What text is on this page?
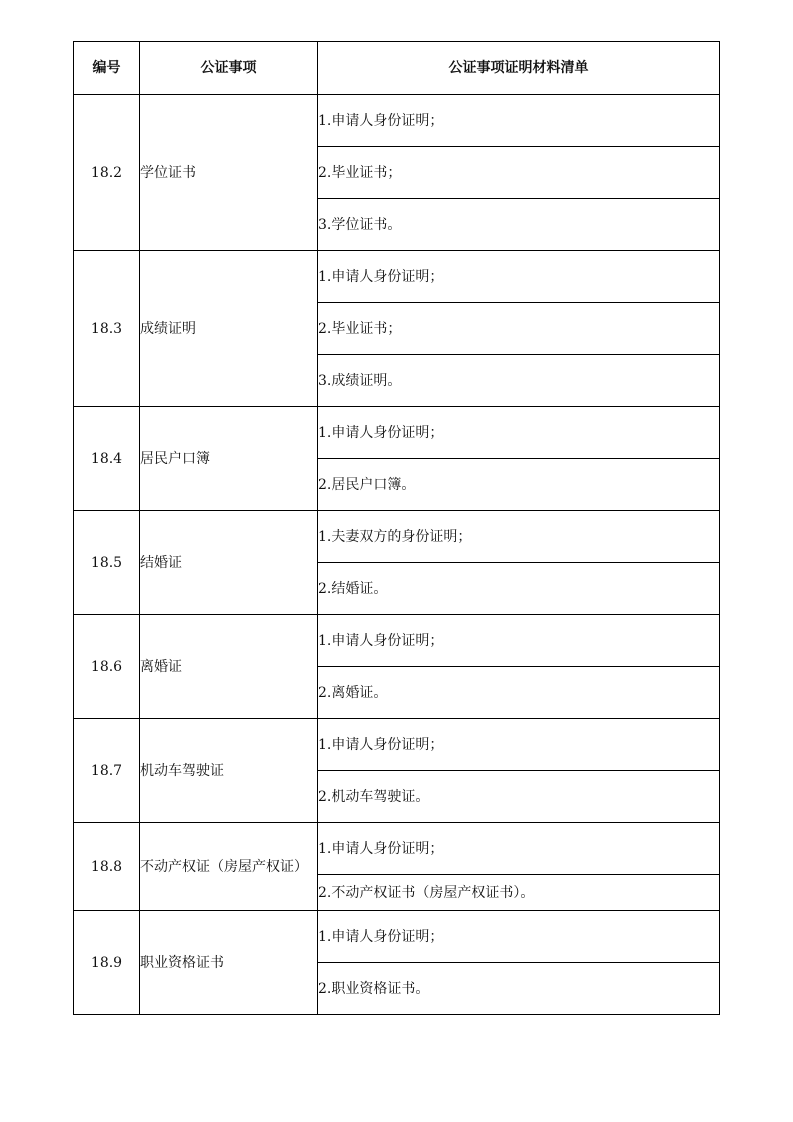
编号	公证事项	公证事项证明材料清单
18.2	学位证书	1.申请人身份证明；
		2.毕业证书；
		3.学位证书。
18.3	成绩证明	1.申请人身份证明；
		2.毕业证书；
		3.成绩证明。
18.4	居民户口簿	1.申请人身份证明；
		2.居民户口簿。
18.5	结婚证	1.夫妻双方的身份证明；
		2.结婚证。
18.6	离婚证	1.申请人身份证明；
		2.离婚证。
18.7	机动车驾驶证	1.申请人身份证明；
		2.机动车驾驶证。
18.8	不动产权证（房屋产权证）	1.申请人身份证明；
		2.不动产权证书（房屋产权证书）。
18.9	职业资格证书	1.申请人身份证明；
		2.职业资格证书。
